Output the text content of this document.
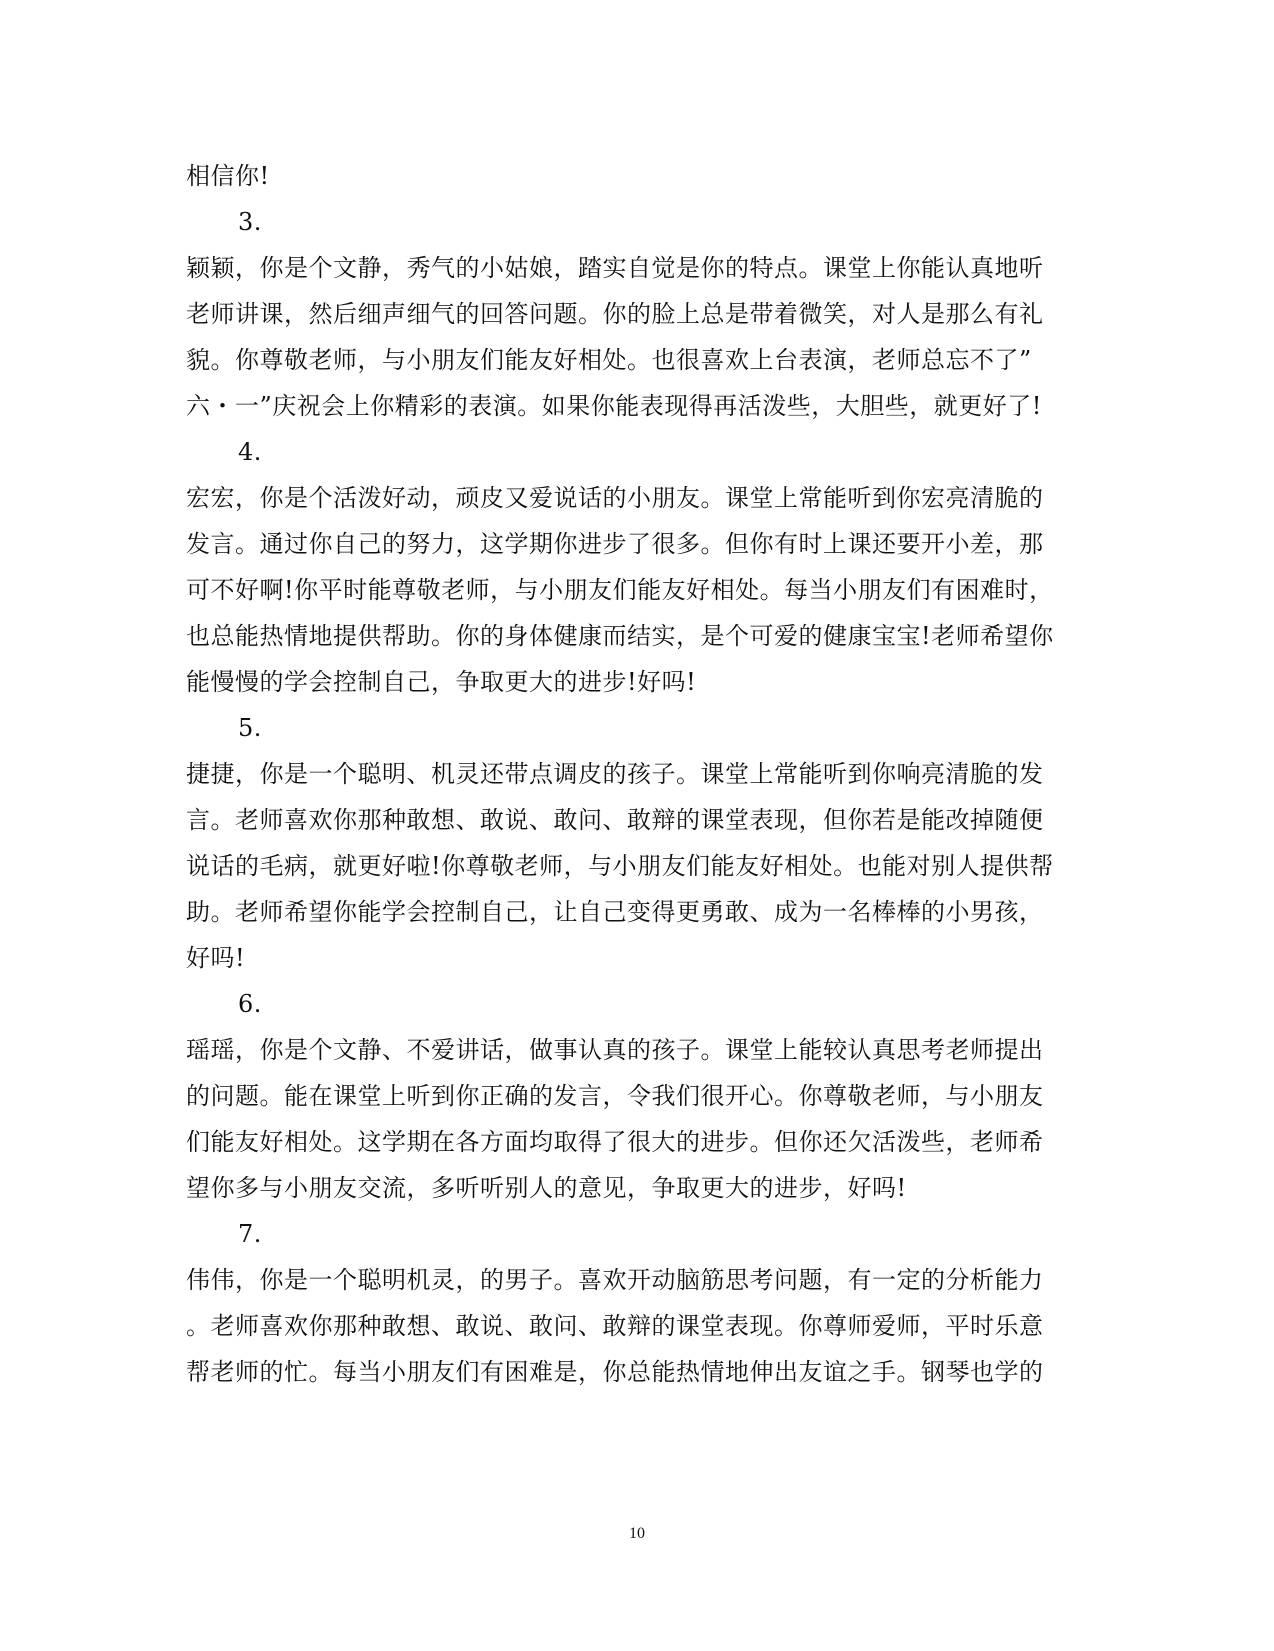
相信你!
3.
颖颖，你是个文静，秀气的小姑娘，踏实自觉是你的特点。课堂上你能认真地听
老师讲课，然后细声细气的回答问题。你的脸上总是带着微笑，对人是那么有礼
貌。你尊敬老师，与小朋友们能友好相处。也很喜欢上台表演，老师总忘不了”
六・一”庆祝会上你精彩的表演。如果你能表现得再活泼些，大胆些，就更好了!
4.
宏宏，你是个活泼好动，顽皮又爱说话的小朋友。课堂上常能听到你宏亮清脆的
发言。通过你自己的努力，这学期你进步了很多。但你有时上课还要开小差，那
可不好啊!你平时能尊敬老师，与小朋友们能友好相处。每当小朋友们有困难时，
也总能热情地提供帮助。你的身体健康而结实，是个可爱的健康宝宝!老师希望你
能慢慢的学会控制自己，争取更大的进步!好吗!
5.
捷捷，你是一个聪明、机灵还带点调皮的孩子。课堂上常能听到你响亮清脆的发
言。老师喜欢你那种敢想、敢说、敢问、敢辩的课堂表现，但你若是能改掉随便
说话的毛病，就更好啦!你尊敬老师，与小朋友们能友好相处。也能对别人提供帮
助。老师希望你能学会控制自己，让自己变得更勇敢、成为一名棒棒的小男孩，
好吗!
6.
瑶瑶，你是个文静、不爱讲话，做事认真的孩子。课堂上能较认真思考老师提出
的问题。能在课堂上听到你正确的发言，令我们很开心。你尊敬老师，与小朋友
们能友好相处。这学期在各方面均取得了很大的进步。但你还欠活泼些，老师希
望你多与小朋友交流，多听听别人的意见，争取更大的进步，好吗!
7.
伟伟，你是一个聪明机灵，的男子。喜欢开动脑筋思考问题，有一定的分析能力
。老师喜欢你那种敢想、敢说、敢问、敢辩的课堂表现。你尊师爱师，平时乐意
帮老师的忙。每当小朋友们有困难是，你总能热情地伸出友谊之手。钢琴也学的
10
